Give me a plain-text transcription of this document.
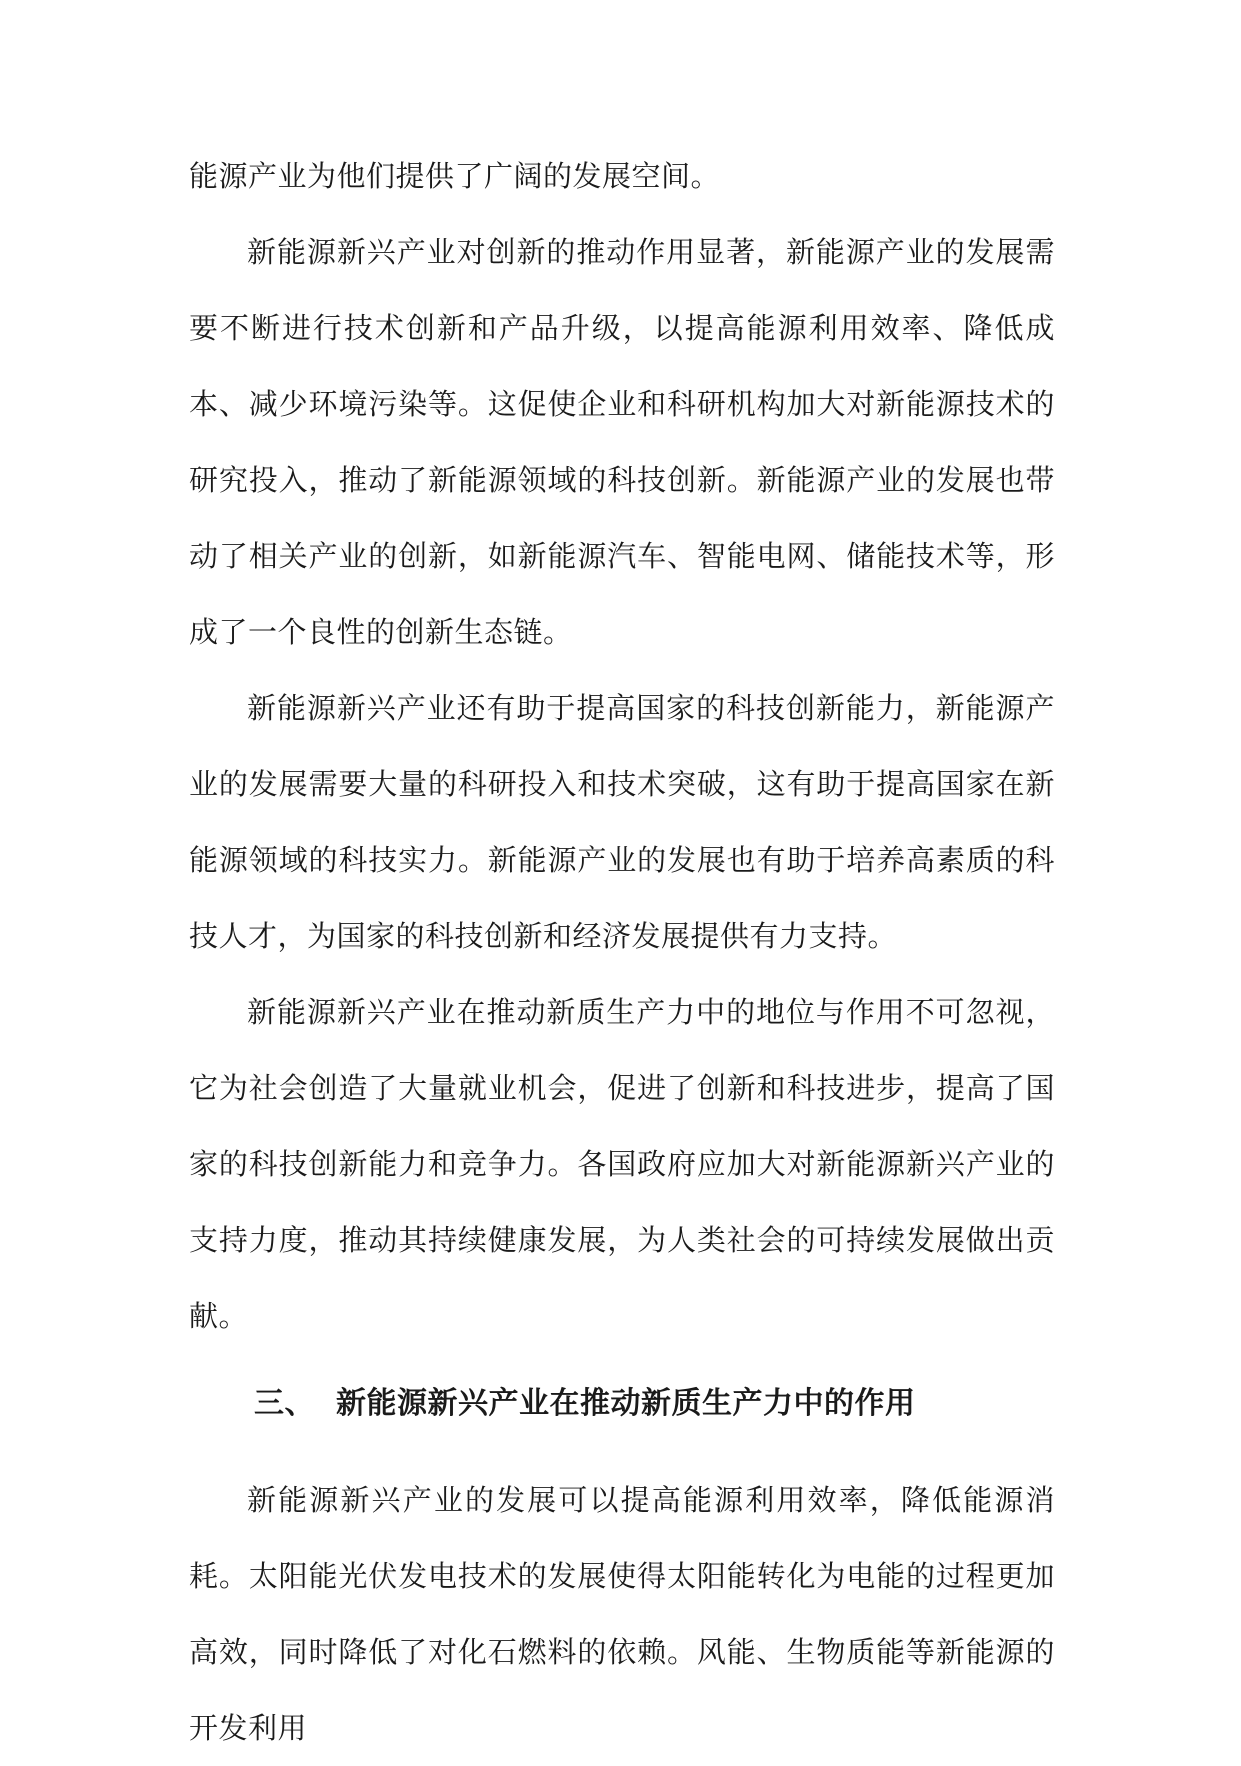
能源产业为他们提供了广阔的发展空间。

新能源新兴产业对创新的推动作用显著，新能源产业的发展需要不断进行技术创新和产品升级，以提高能源利用效率、降低成本、减少环境污染等。这促使企业和科研机构加大对新能源技术的研究投入，推动了新能源领域的科技创新。新能源产业的发展也带动了相关产业的创新，如新能源汽车、智能电网、储能技术等，形成了一个良性的创新生态链。

新能源新兴产业还有助于提高国家的科技创新能力，新能源产业的发展需要大量的科研投入和技术突破，这有助于提高国家在新能源领域的科技实力。新能源产业的发展也有助于培养高素质的科技人才，为国家的科技创新和经济发展提供有力支持。

新能源新兴产业在推动新质生产力中的地位与作用不可忽视，它为社会创造了大量就业机会，促进了创新和科技进步，提高了国家的科技创新能力和竞争力。各国政府应加大对新能源新兴产业的支持力度，推动其持续健康发展，为人类社会的可持续发展做出贡献。

三、 新能源新兴产业在推动新质生产力中的作用

新能源新兴产业的发展可以提高能源利用效率，降低能源消耗。太阳能光伏发电技术的发展使得太阳能转化为电能的过程更加高效，同时降低了对化石燃料的依赖。风能、生物质能等新能源的开发利用
